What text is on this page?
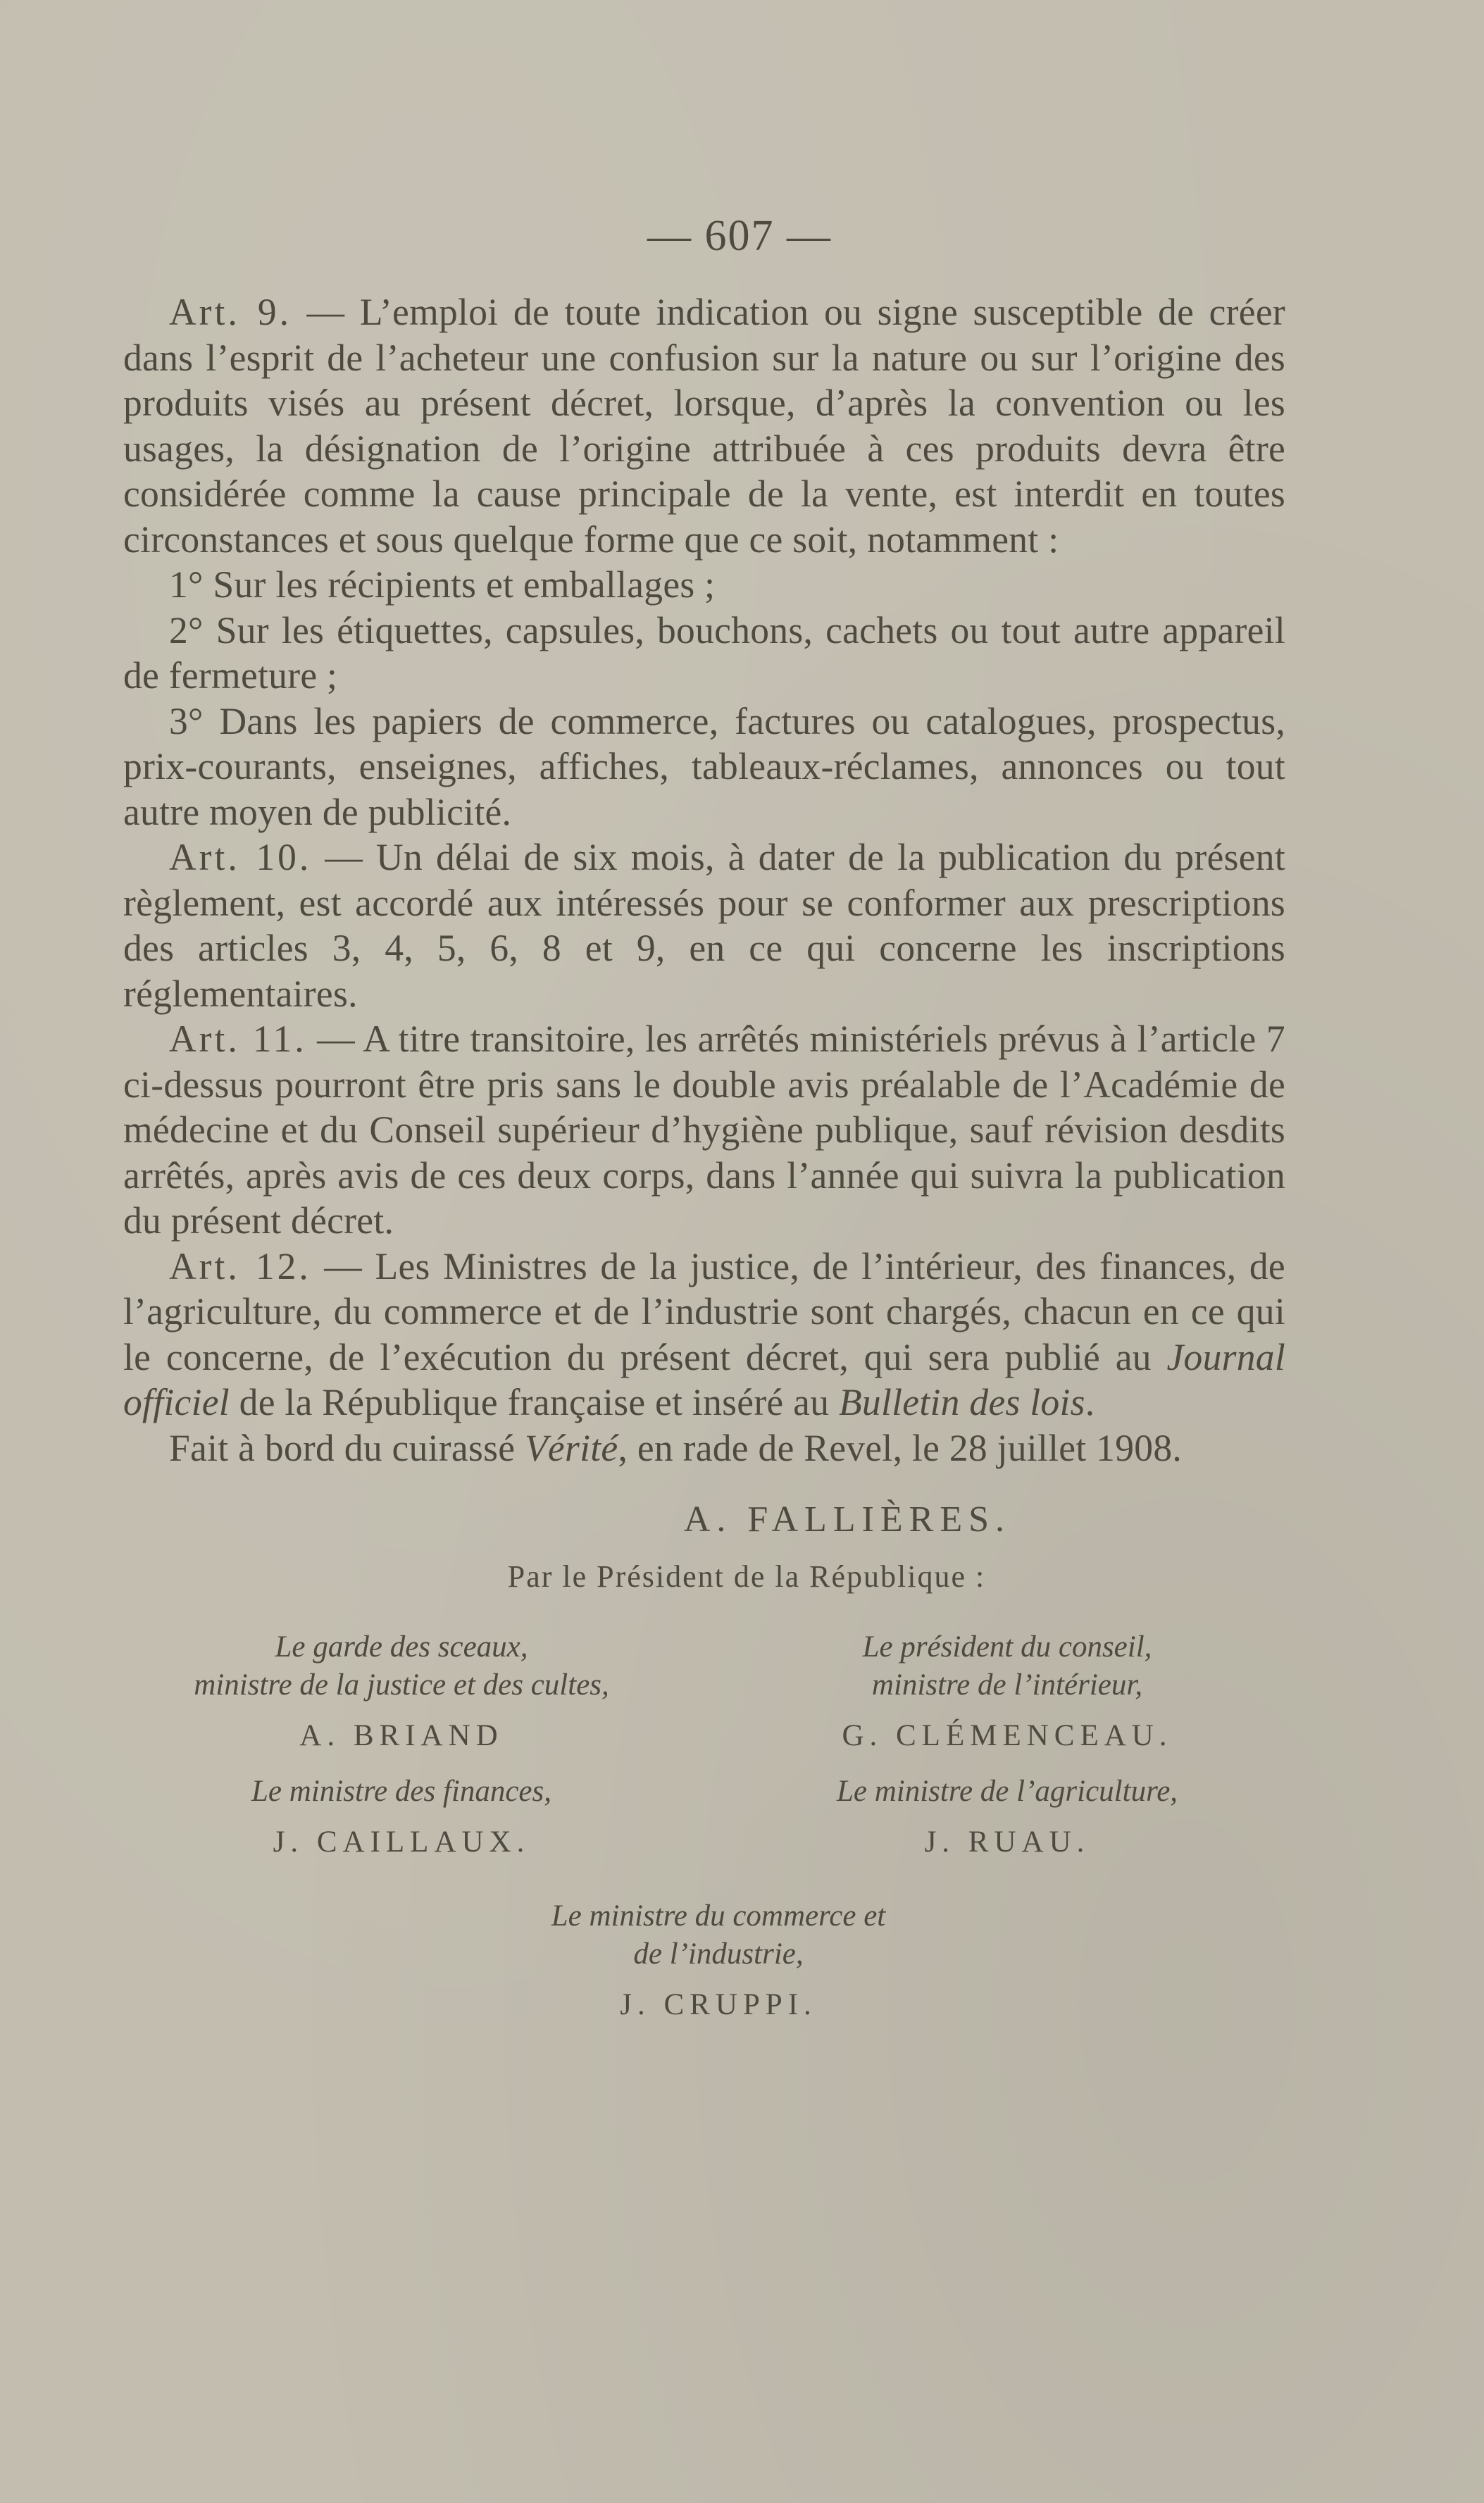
— 607 —

Art. 9. — L’emploi de toute indication ou signe susceptible de créer dans l’esprit de l’acheteur une confusion sur la nature ou sur l’origine des produits visés au présent décret, lorsque, d’après la convention ou les usages, la désignation de l’origine attribuée à ces produits devra être considérée comme la cause principale de la vente, est interdit en toutes circonstances et sous quelque forme que ce soit, notamment :

1° Sur les récipients et emballages ;

2° Sur les étiquettes, capsules, bouchons, cachets ou tout autre appareil de fermeture ;

3° Dans les papiers de commerce, factures ou catalogues, prospectus, prix-courants, enseignes, affiches, tableaux-réclames, annonces ou tout autre moyen de publicité.

Art. 10. — Un délai de six mois, à dater de la publication du présent règlement, est accordé aux intéressés pour se conformer aux prescriptions des articles 3, 4, 5, 6, 8 et 9, en ce qui concerne les inscriptions réglementaires.

Art. 11. — A titre transitoire, les arrêtés ministériels prévus à l’article 7 ci-dessus pourront être pris sans le double avis préalable de l’Académie de médecine et du Conseil supérieur d’hygiène publique, sauf révision desdits arrêtés, après avis de ces deux corps, dans l’année qui suivra la publication du présent décret.

Art. 12. — Les Ministres de la justice, de l’intérieur, des finances, de l’agriculture, du commerce et de l’industrie sont chargés, chacun en ce qui le concerne, de l’exécution du présent décret, qui sera publié au Journal officiel de la République française et inséré au Bulletin des lois.

Fait à bord du cuirassé Vérité, en rade de Revel, le 28 juillet 1908.

A. FALLIÈRES.
Par le Président de la République :
Le garde des sceaux,
ministre de la justice et des cultes,
A. BRIAND
Le président du conseil,
ministre de l’intérieur,
G. CLÉMENCEAU.
Le ministre des finances,
J. CAILLAUX.
Le ministre de l’agriculture,
J. RUAU.
Le ministre du commerce et
de l’industrie,
J. CRUPPI.
